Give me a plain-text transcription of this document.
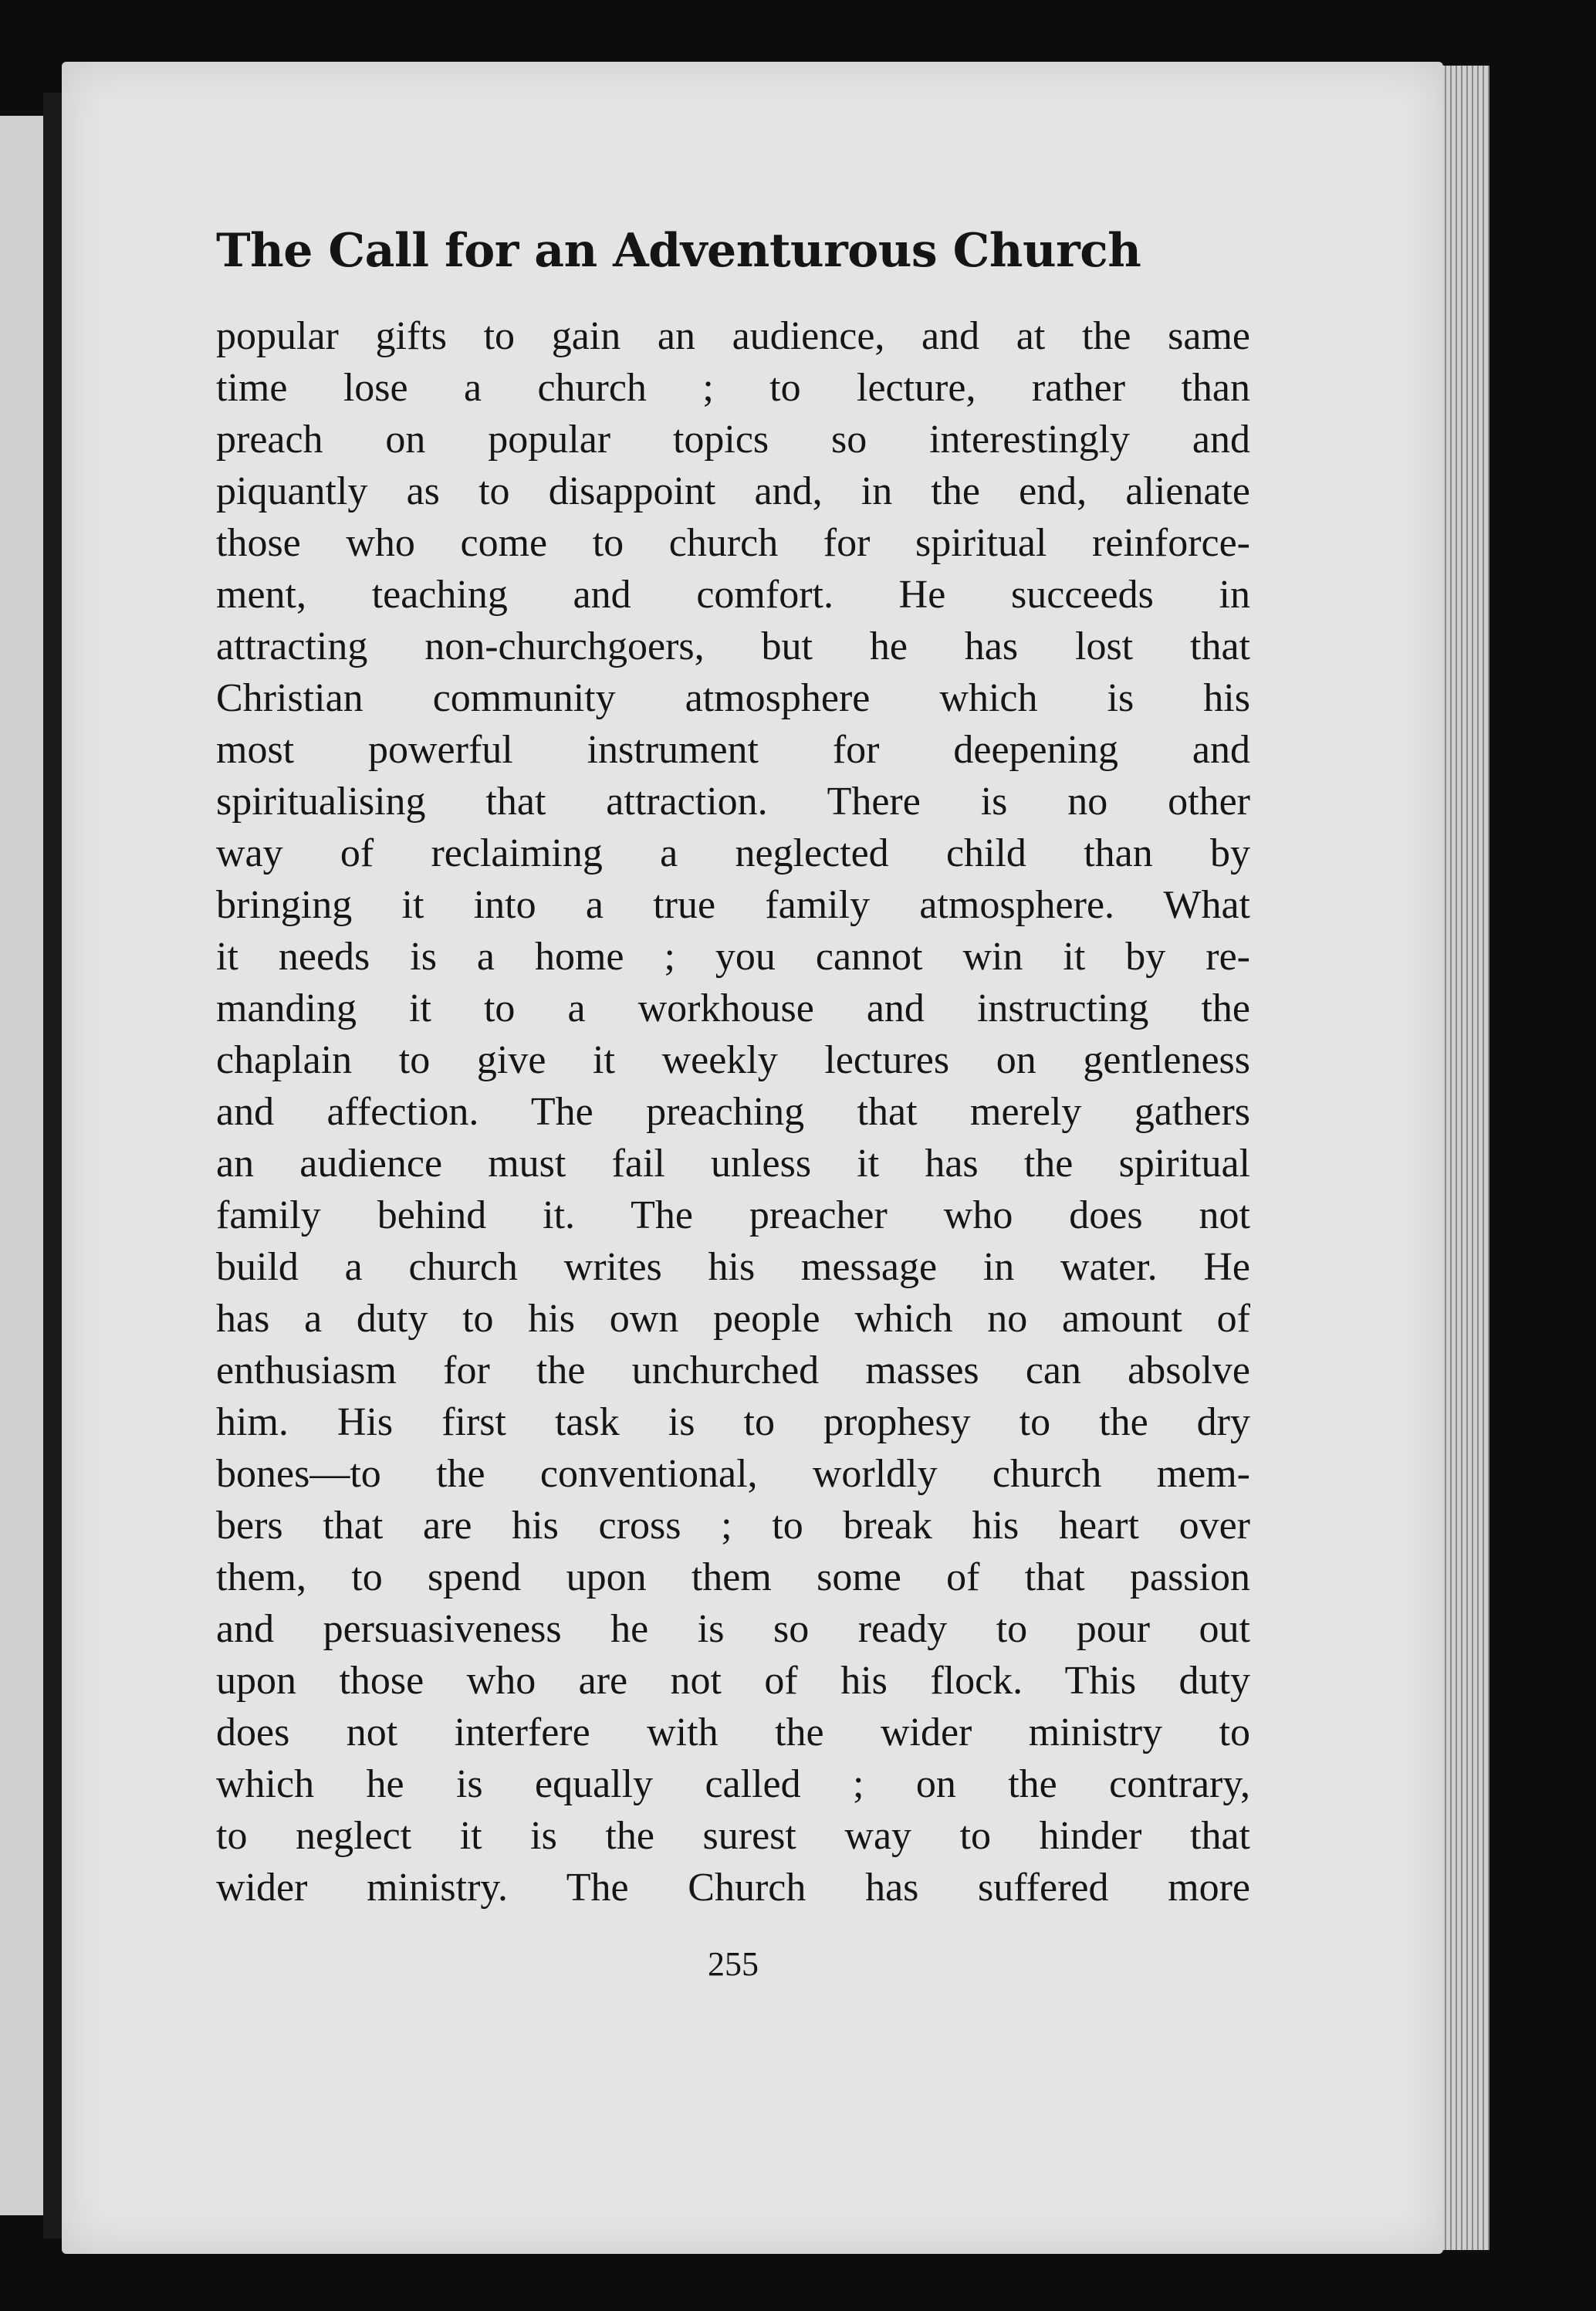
The Call for an Adventurous Church
popular gifts to gain an audience, and at the same
time lose a church ; to lecture, rather than
preach on popular topics so interestingly and
piquantly as to disappoint and, in the end, alienate
those who come to church for spiritual reinforce-
ment, teaching and comfort. He succeeds in
attracting non-churchgoers, but he has lost that
Christian community atmosphere which is his
most powerful instrument for deepening and
spiritualising that attraction. There is no other
way of reclaiming a neglected child than by
bringing it into a true family atmosphere. What
it needs is a home ; you cannot win it by re-
manding it to a workhouse and instructing the
chaplain to give it weekly lectures on gentleness
and affection. The preaching that merely gathers
an audience must fail unless it has the spiritual
family behind it. The preacher who does not
build a church writes his message in water. He
has a duty to his own people which no amount of
enthusiasm for the unchurched masses can absolve
him. His first task is to prophesy to the dry
bones—to the conventional, worldly church mem-
bers that are his cross ; to break his heart over
them, to spend upon them some of that passion
and persuasiveness he is so ready to pour out
upon those who are not of his flock. This duty
does not interfere with the wider ministry to
which he is equally called ; on the contrary,
to neglect it is the surest way to hinder that
wider ministry. The Church has suffered more
255
